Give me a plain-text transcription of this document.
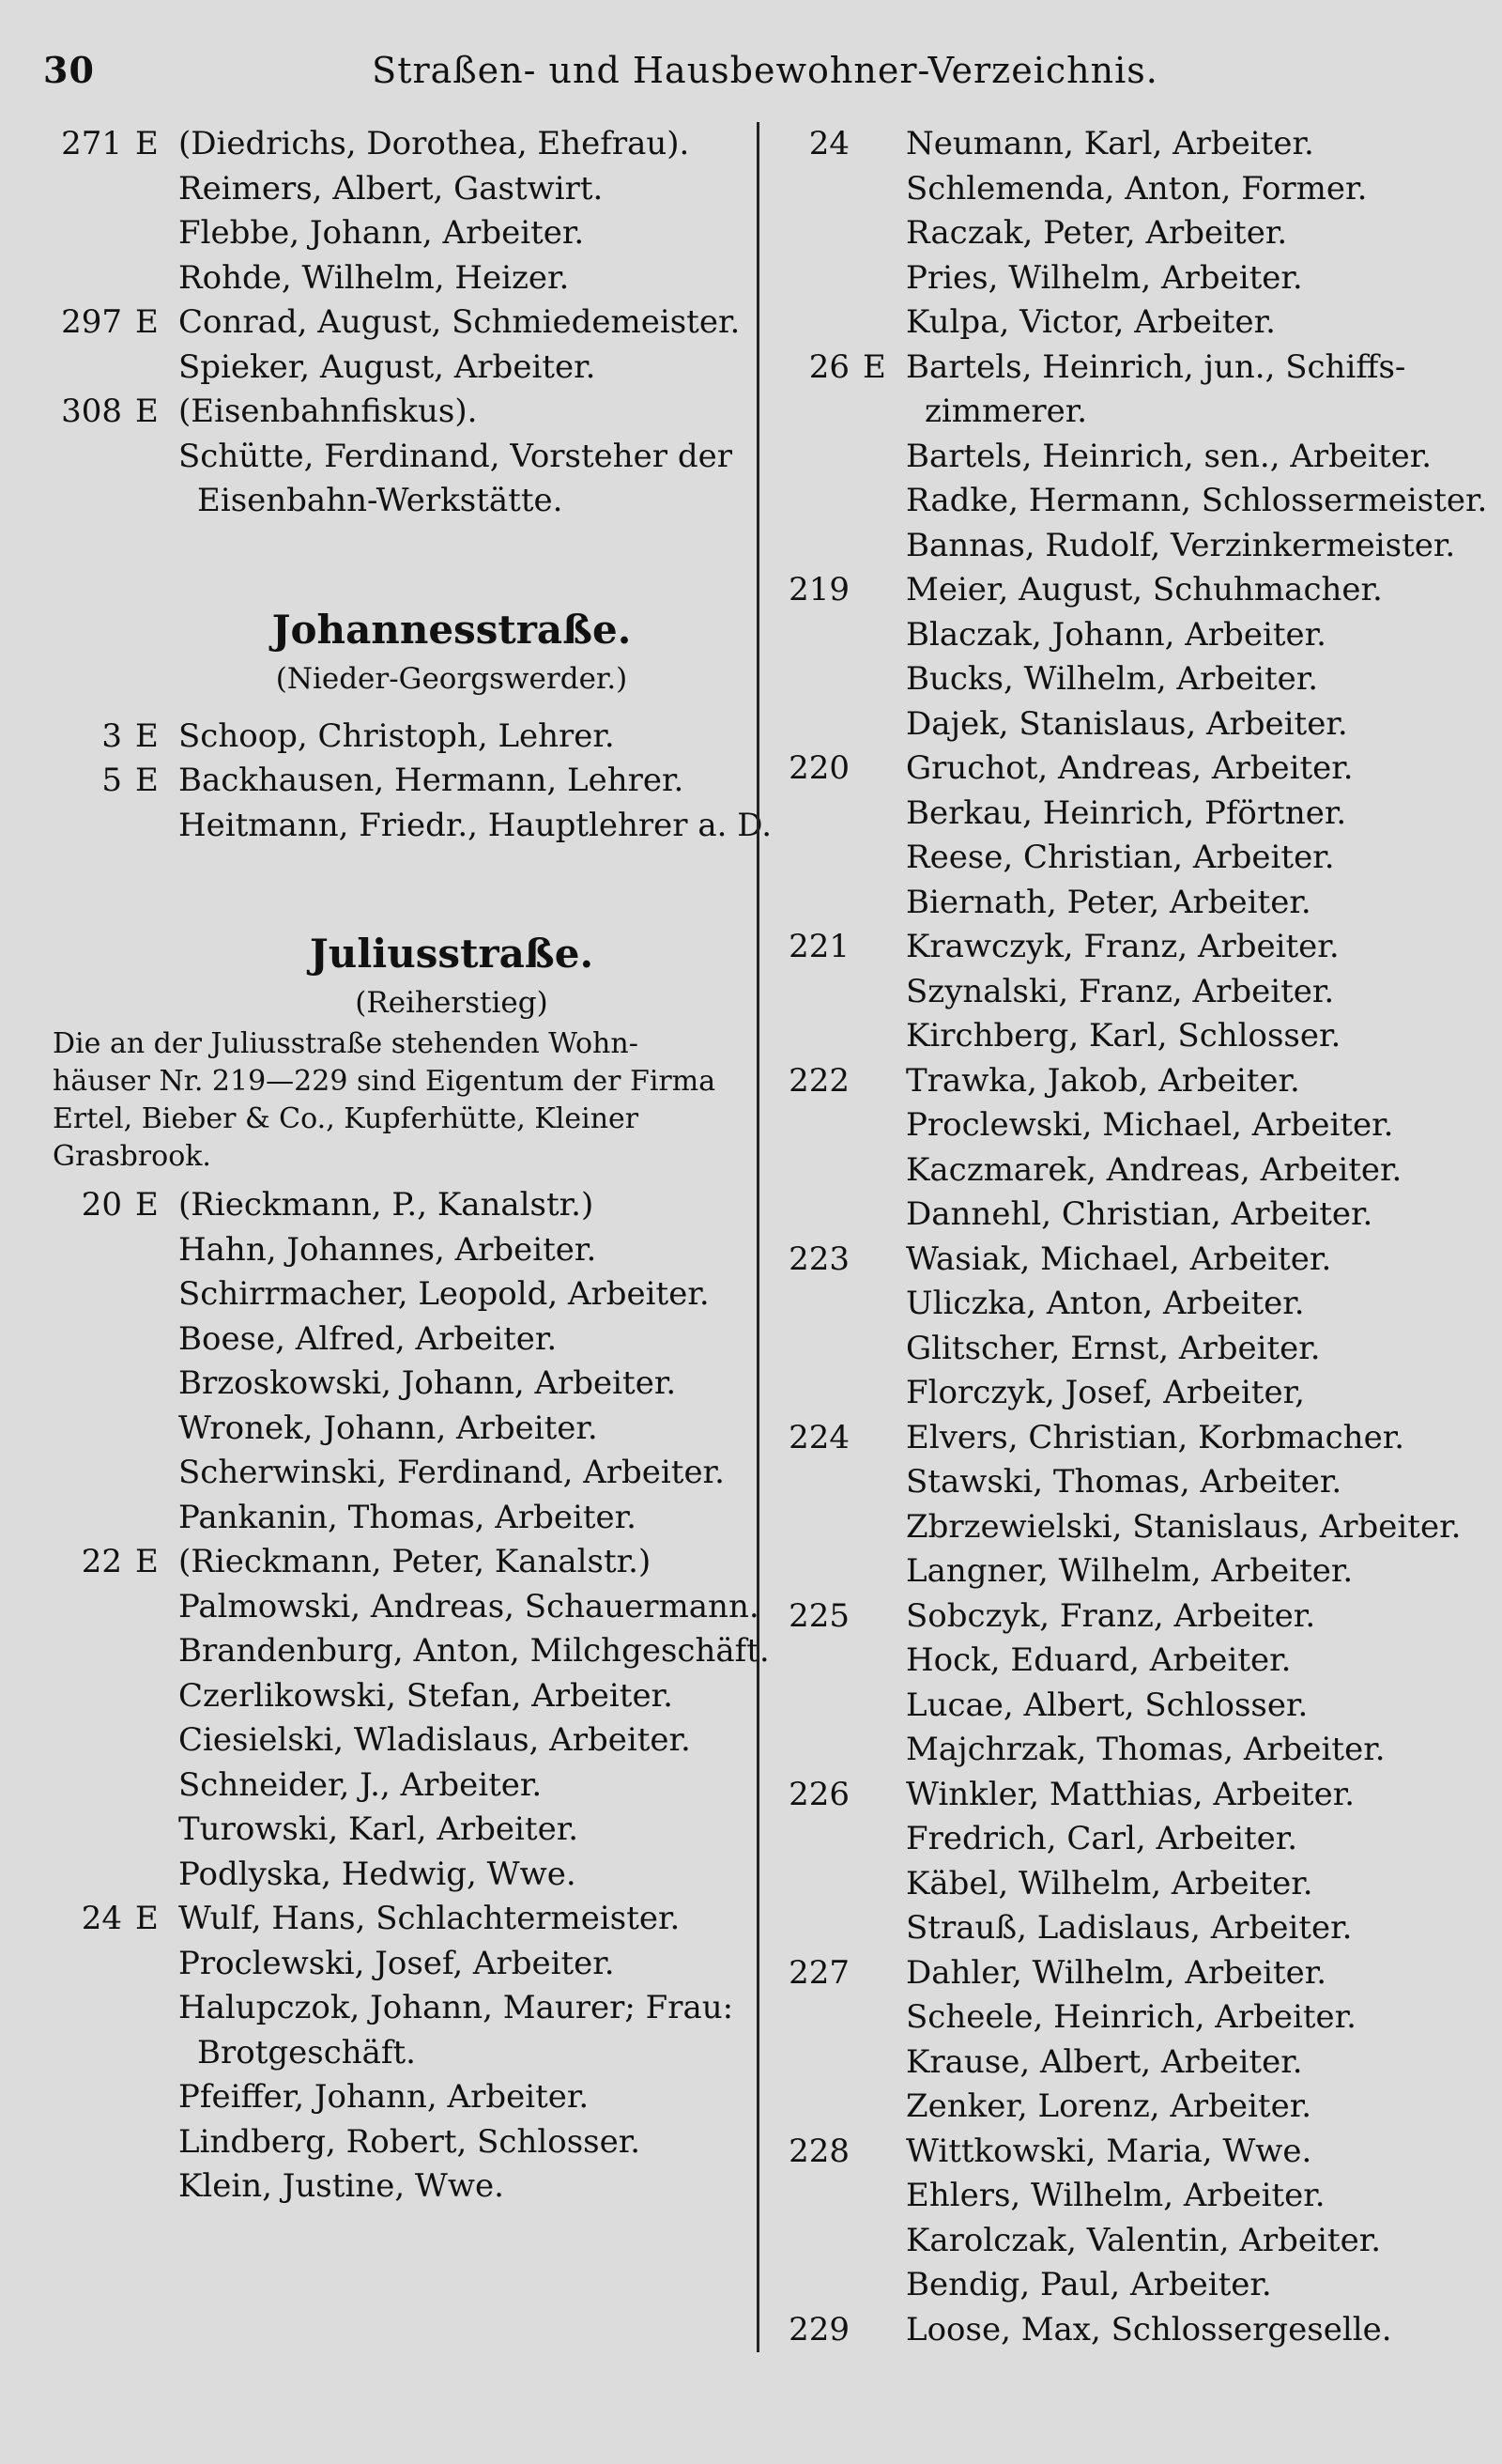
30	Straßen- und Hausbewohner-Verzeichnis.
271 E (Diedrichs, Dorothea, Ehefrau).
Reimers, Albert, Gastwirt.
Flebbe, Johann, Arbeiter.
Rohde, Wilhelm, Heizer.
297 E Conrad, August, Schmiedemeister.
Spieker, August, Arbeiter.
308 E (Eisenbahnfiskus).
Schütte, Ferdinand, Vorsteher der
Eisenbahn-Werkstätte.
Johannesstraße.
(Nieder-Georgswerder.)
3 E Schoop, Christoph, Lehrer.
5 E Backhausen, Hermann, Lehrer.
Heitmann, Friedr., Hauptlehrer a. D.
Juliusstraße.
(Reiherstieg)
Die an der Juliusstraße stehenden Wohn-
häuser Nr. 219—229 sind Eigentum der Firma
Ertel, Bieber & Co., Kupferhütte, Kleiner
Grasbrook.
20 E (Rieckmann, P., Kanalstr.)
Hahn, Johannes, Arbeiter.
Schirrmacher, Leopold, Arbeiter.
Boese, Alfred, Arbeiter.
Brzoskowski, Johann, Arbeiter.
Wronek, Johann, Arbeiter.
Scherwinski, Ferdinand, Arbeiter.
Pankanin, Thomas, Arbeiter.
22 E (Rieckmann, Peter, Kanalstr.)
Palmowski, Andreas, Schauermann.
Brandenburg, Anton, Milchgeschäft.
Czerlikowski, Stefan, Arbeiter.
Ciesielski, Wladislaus, Arbeiter.
Schneider, J., Arbeiter.
Turowski, Karl, Arbeiter.
Podlyska, Hedwig, Wwe.
24 E Wulf, Hans, Schlachtermeister.
Proclewski, Josef, Arbeiter.
Halupczok, Johann, Maurer; Frau:
Brotgeschäft.
Pfeiffer, Johann, Arbeiter.
Lindberg, Robert, Schlosser.
Klein, Justine, Wwe.
24	Neumann, Karl, Arbeiter.
Schlemenda, Anton, Former.
Raczak, Peter, Arbeiter.
Pries, Wilhelm, Arbeiter.
Kulpa, Victor, Arbeiter.
26 E Bartels, Heinrich, jun., Schiffs-
zimmerer.
Bartels, Heinrich, sen., Arbeiter.
Radke, Hermann, Schlossermeister.
Bannas, Rudolf, Verzinkermeister.
219	Meier, August, Schuhmacher.
Blaczak, Johann, Arbeiter.
Bucks, Wilhelm, Arbeiter.
Dajek, Stanislaus, Arbeiter.
220	Gruchot, Andreas, Arbeiter.
Berkau, Heinrich, Pförtner.
Reese, Christian, Arbeiter.
Biernath, Peter, Arbeiter.
221	Krawczyk, Franz, Arbeiter.
Szynalski, Franz, Arbeiter.
Kirchberg, Karl, Schlosser.
222	Trawka, Jakob, Arbeiter.
Proclewski, Michael, Arbeiter.
Kaczmarek, Andreas, Arbeiter.
Dannehl, Christian, Arbeiter.
223	Wasiak, Michael, Arbeiter.
Uliczka, Anton, Arbeiter.
Glitscher, Ernst, Arbeiter.
Florczyk, Josef, Arbeiter,
224	Elvers, Christian, Korbmacher.
Stawski, Thomas, Arbeiter.
Zbrzewielski, Stanislaus, Arbeiter.
Langner, Wilhelm, Arbeiter.
225	Sobczyk, Franz, Arbeiter.
Hock, Eduard, Arbeiter.
Lucae, Albert, Schlosser.
Majchrzak, Thomas, Arbeiter.
226	Winkler, Matthias, Arbeiter.
Fredrich, Carl, Arbeiter.
Käbel, Wilhelm, Arbeiter.
Strauß, Ladislaus, Arbeiter.
227	Dahler, Wilhelm, Arbeiter.
Scheele, Heinrich, Arbeiter.
Krause, Albert, Arbeiter.
Zenker, Lorenz, Arbeiter.
228	Wittkowski, Maria, Wwe.
Ehlers, Wilhelm, Arbeiter.
Karolczak, Valentin, Arbeiter.
Bendig, Paul, Arbeiter.
229	Loose, Max, Schlossergeselle.
